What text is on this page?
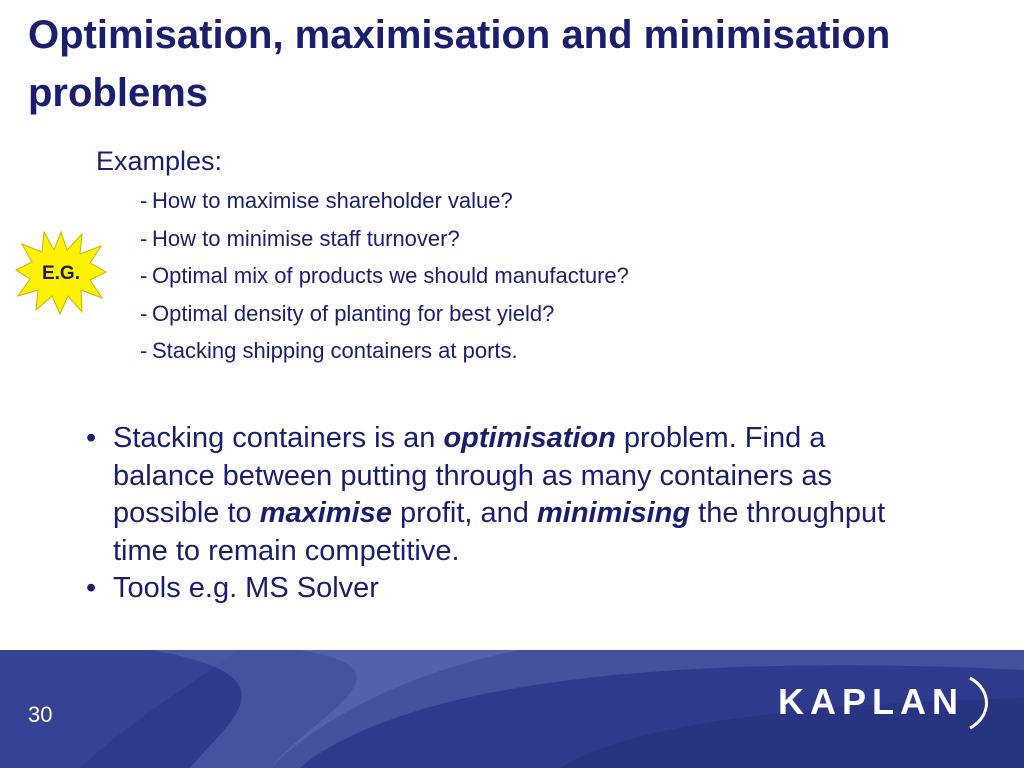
Optimisation, maximisation and minimisation problems
Examples:
E.G.
- How to maximise shareholder value?
- How to minimise staff turnover?
- Optimal mix of products we should manufacture?
- Optimal density of planting for best yield?
- Stacking shipping containers at ports.
• Stacking containers is an optimisation problem. Find a balance between putting through as many containers as possible to maximise profit, and minimising the throughput time to remain competitive.
• Tools e.g. MS Solver
30	KAPLAN
